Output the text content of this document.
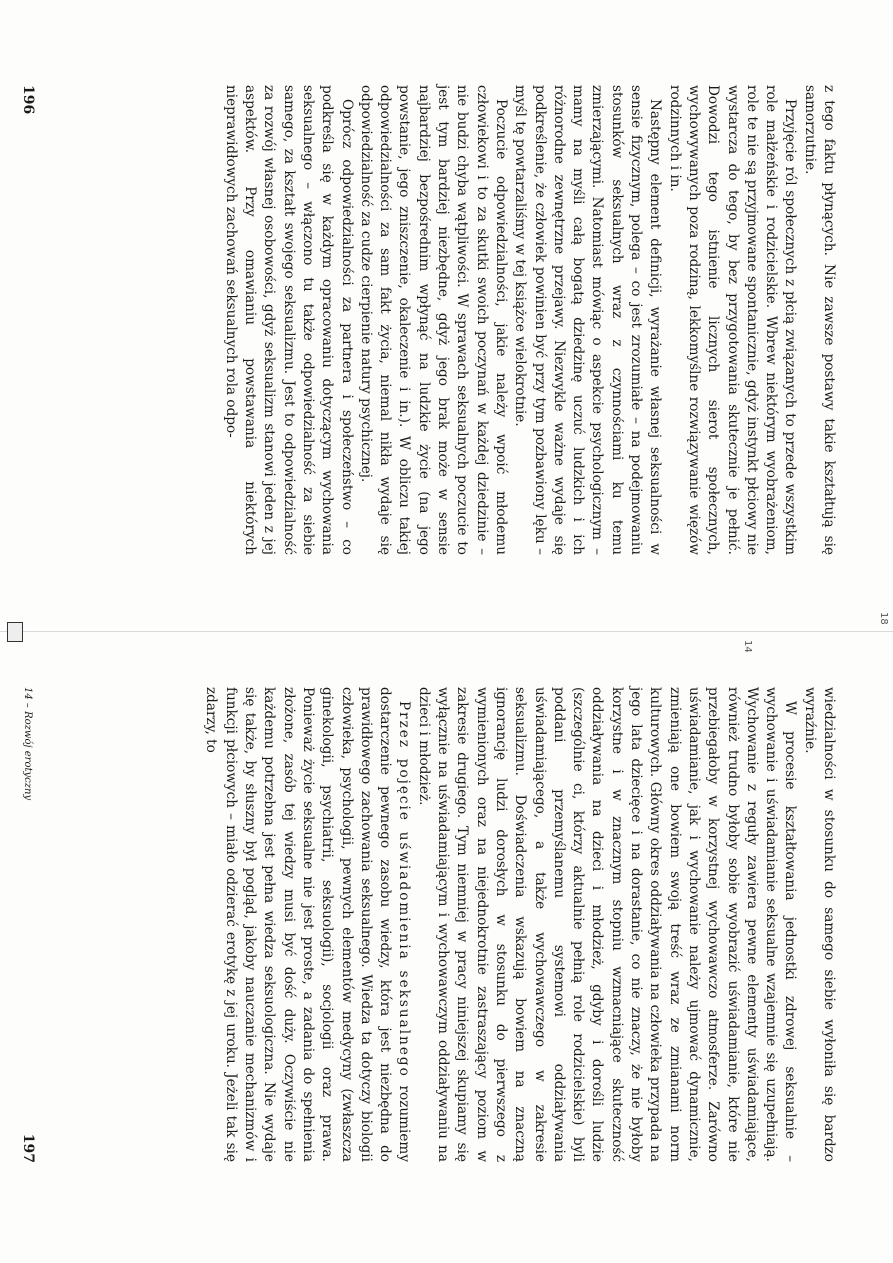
z tego faktu płynących. Nie zawsze postawy takie kształtują się samorzutnie.

Przyjęcie ról społecznych z płcią związanych to przede wszystkim role małżeńskie i rodzicielskie. Wbrew niektórym wyobrażeniom, role te nie są przyjmowane spontanicznie, gdyż instynkt płciowy nie wystarcza do tego, by bez przygotowania skutecznie je pełnić. Dowodzi tego istnienie licznych sierot społecznych, wychowywanych poza rodziną, lekkomyślne rozwiązywanie więzów rodzinnych i in.

Następny element definicji, wyrażanie własnej seksualności w sensie fizycznym, polega – co jest zrozumiałe – na podejmowaniu stosunków seksualnych wraz z czynnościami ku temu zmierzającymi. Natomiast mówiąc o aspekcie psychologicznym – mamy na myśli całą bogatą dziedzinę uczuć ludzkich i ich różnorodne zewnętrzne przejawy. Niezwykle ważne wydaje się podkreślenie, że człowiek powinien być przy tym pozbawiony lęku – myśl tę powtarzaliśmy w tej książce wielokrotnie.

Poczucie odpowiedzialności, jakie należy wpoić młodemu człowiekowi i to za skutki swoich poczynań w każdej dziedzinie – nie budzi chyba wątpliwości. W sprawach seksualnych poczucie to jest tym bardziej niezbędne, gdyż jego brak może w sensie najbardziej bezpośrednim wpłynąć na ludzkie życie (na jego powstanie, jego zniszczenie, okaleczenie i in.). W obliczu takiej odpowiedzialności za sam fakt życia, niemal nikła wydaje się odpowiedzialność za cudze cierpienie natury psychicznej.

Oprócz odpowiedzialności za partnera i społeczeństwo – co podkreśla się w każdym opracowaniu dotyczącym wychowania seksualnego – włączono tu także odpowiedzialność za siebie samego, za kształt swojego seksualizmu. Jest to odpowiedzialność za rozwój własnej osobowości, gdyż seksualizm stanowi jeden z jej aspektów. Przy omawianiu powstawania niektórych nieprawidłowych zachowań seksualnych rola odpo-

196
18
14

wiedzialności w stosunku do samego siebie wyłoniła się bardzo wyraźnie.

W procesie kształtowania jednostki zdrowej seksualnie – wychowanie i uświadamianie seksualne wzajemnie się uzupełniają. Wychowanie z reguły zawiera pewne elementy uświadamiające, również trudno byłoby sobie wyobrazić uświadamianie, które nie przebiegałoby w korzystnej wychowawczo atmosferze. Zarówno uświadamianie, jak i wychowanie należy ujmować dynamicznie, zmieniają one bowiem swoją treść wraz ze zmianami norm kulturowych. Główny okres oddziaływania na człowieka przypada na jego lata dziecięce i na dorastanie, co nie znaczy, że nie byłoby korzystne i w znacznym stopniu wzmacniające skuteczność oddziaływania na dzieci i młodzież, gdyby i dorośli ludzie (szczególnie ci, którzy aktualnie pełnią role rodzicielskie) byli poddani przemyślanemu systemowi oddziaływania uświadamiającego, a także wychowawczego w zakresie seksualizmu. Doświadczenia wskazują bowiem na znaczną ignorancję ludzi dorosłych w stosunku do pierwszego z wymienionych oraz na niejednokrotnie zastraszający poziom w zakresie drugiego. Tym niemniej w pracy niniejszej skupiamy się wyłącznie na uświadamiającym i wychowawczym oddziaływaniu na dzieci i młodzież.

Przez pojęcie uświadomienia seksualnego rozumiemy dostarczenie pewnego zasobu wiedzy, która jest niezbędna do prawidłowego zachowania seksualnego. Wiedza ta dotyczy biologii człowieka, psychologii, pewnych elementów medycyny (zwłaszcza ginekologii, psychiatrii, seksuologii), socjologii oraz prawa. Ponieważ życie seksualne nie jest proste, a zadania do spełnienia złożone, zasób tej wiedzy musi być dość duży. Oczywiście nie każdemu potrzebna jest pełna wiedza seksuologiczna. Nie wydaje się także, by słuszny był pogląd, jakoby nauczanie mechanizmów i funkcji płciowych – miało odzierać erotykę z jej uroku. Jeżeli tak się zdarzy, to

14 – Rozwój erotyczny
197
